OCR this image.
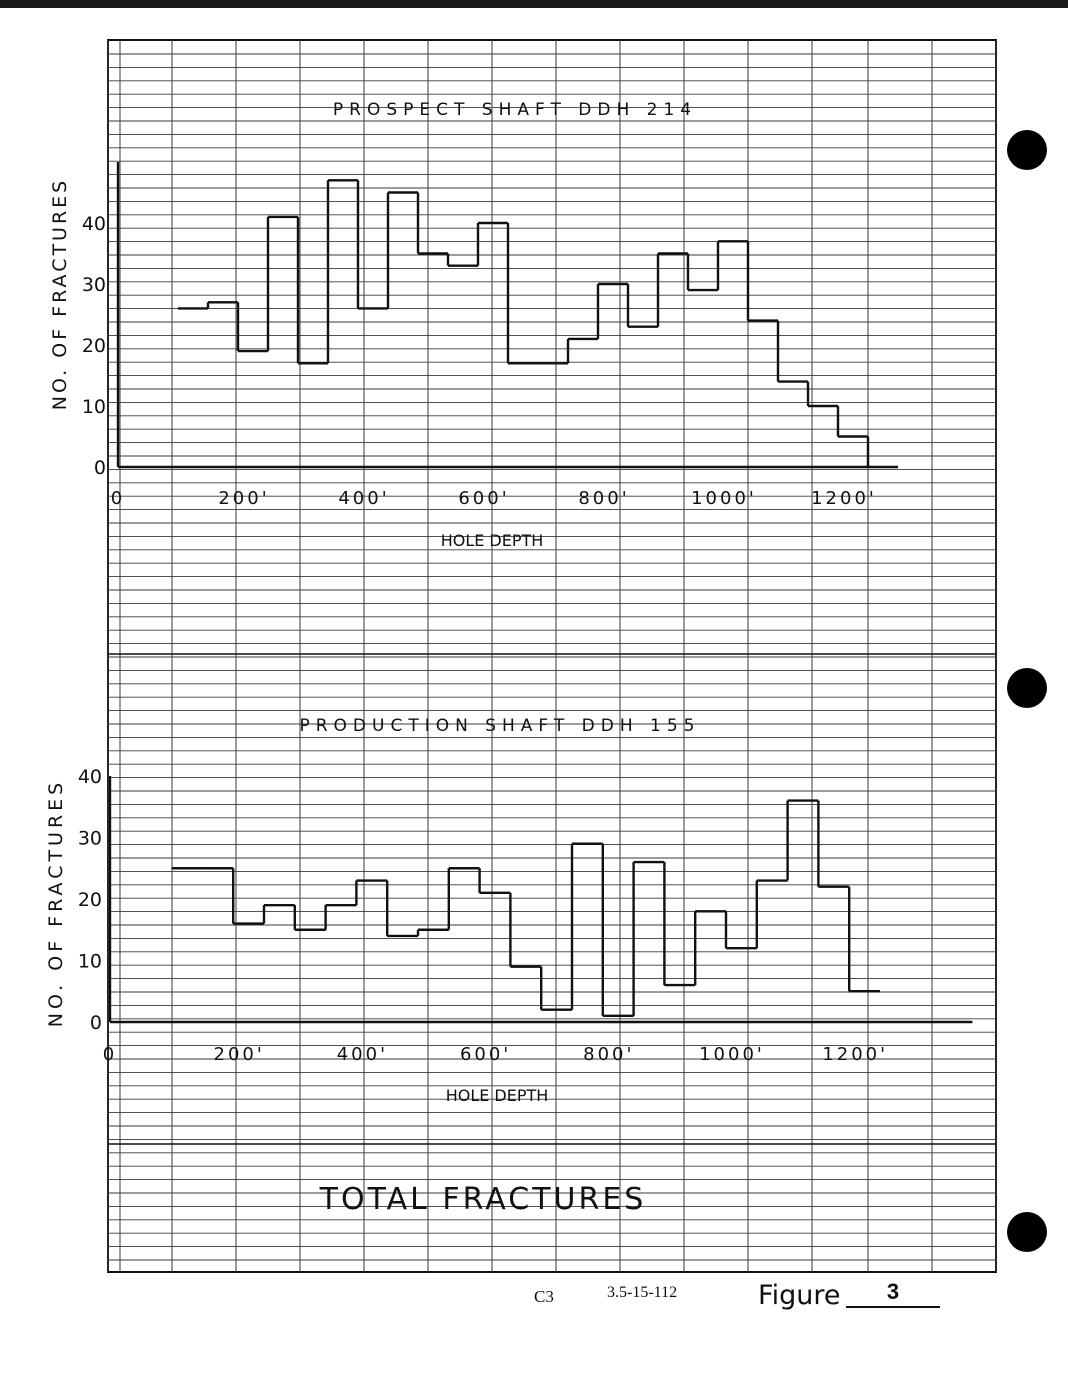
PROSPECT SHAFT DDH 214
NO. OF FRACTURES
HOLE DEPTH
0
10
20
30
40
0	200'	400'	600'	800'	1000'	1200'
PRODUCTION SHAFT DDH 155
NO. OF FRACTURES
HOLE DEPTH
0
10
20
30
40
0	200'	400'	600'	800'	1000'	1200'
TOTAL FRACTURES
C3	3.5-15-112	Figure	3
